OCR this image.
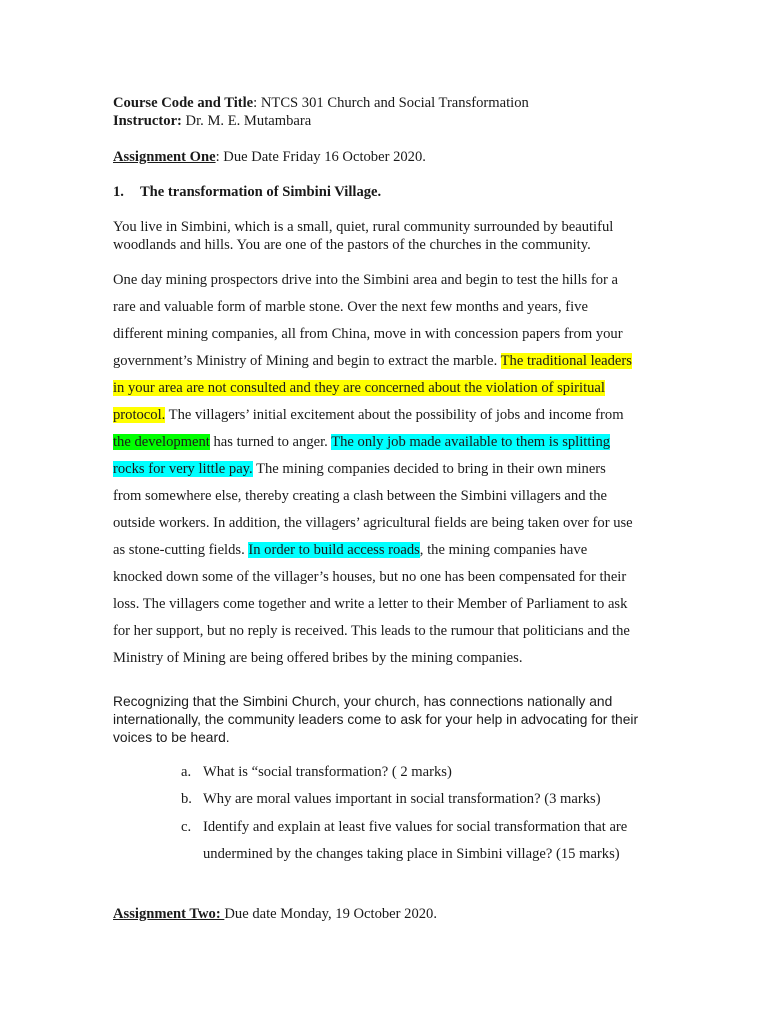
Course Code and Title: NTCS 301 Church and Social Transformation
Instructor: Dr. M. E. Mutambara
Assignment One: Due Date Friday 16 October 2020.
1. The transformation of Simbini Village.
You live in Simbini, which is a small, quiet, rural community surrounded by beautiful
woodlands and hills. You are one of the pastors of the churches in the community.
One day mining prospectors drive into the Simbini area and begin to test the hills for a
rare and valuable form of marble stone. Over the next few months and years, five
different mining companies, all from China, move in with concession papers from your
government’s Ministry of Mining and begin to extract the marble. The traditional leaders
in your area are not consulted and they are concerned about the violation of spiritual
protocol. The villagers’ initial excitement about the possibility of jobs and income from
the development has turned to anger. The only job made available to them is splitting
rocks for very little pay. The mining companies decided to bring in their own miners
from somewhere else, thereby creating a clash between the Simbini villagers and the
outside workers. In addition, the villagers’ agricultural fields are being taken over for use
as stone-cutting fields. In order to build access roads, the mining companies have
knocked down some of the villager’s houses, but no one has been compensated for their
loss. The villagers come together and write a letter to their Member of Parliament to ask
for her support, but no reply is received. This leads to the rumour that politicians and the
Ministry of Mining are being offered bribes by the mining companies.
Recognizing that the Simbini Church, your church, has connections nationally and
internationally, the community leaders come to ask for your help in advocating for their
voices to be heard.
a. What is “social transformation? ( 2 marks)
b. Why are moral values important in social transformation? (3 marks)
c. Identify and explain at least five values for social transformation that are
undermined by the changes taking place in Simbini village? (15 marks)
Assignment Two: Due date Monday, 19 October 2020.
